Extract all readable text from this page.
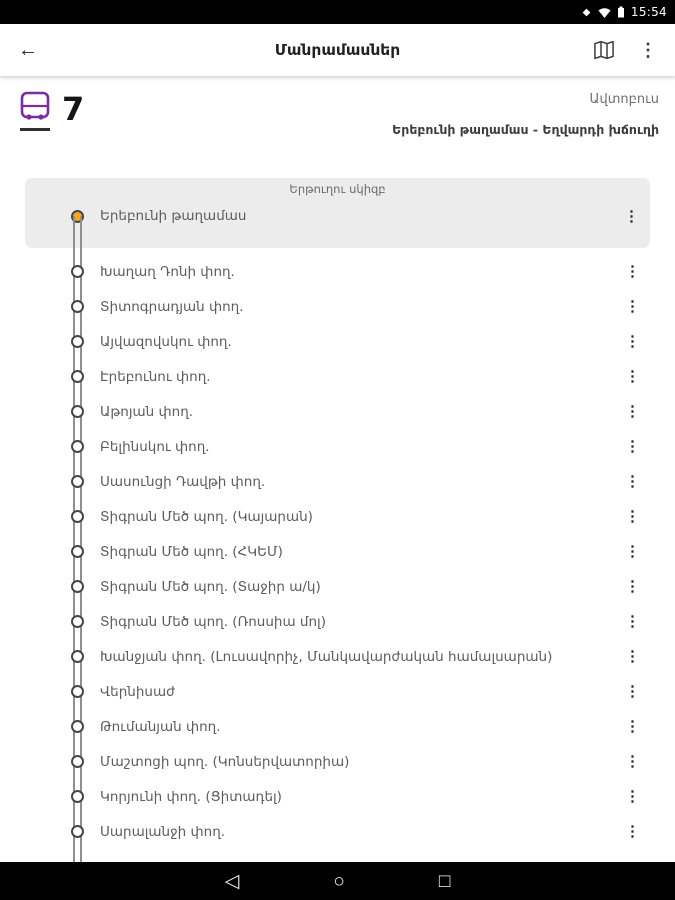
15:54
←	Մանրամասներ	⋮
7	Ավտոբուս
Երեբունի թաղամաս - Եղվարդի խճուղի
Երթուղու սկիզբ
Երեբունի թաղամաս	⋮
Խաղաղ Դոնի փող.	⋮
Տիտոգրադյան փող.	⋮
Այվազովսկու փող.	⋮
Էրեբունու փող.	⋮
Աթոյան փող.	⋮
Բելինսկու փող.	⋮
Սասունցի Դավթի փող.	⋮
Տիգրան Մեծ պող. (Կայարան)	⋮
Տիգրան Մեծ պող. (ՀԿԵՄ)	⋮
Տիգրան Մեծ պող. (Տաջիր ա/կ)	⋮
Տիգրան Մեծ պող. (Ռոսսիա մոլ)	⋮
Խանջյան փող. (Լուսավորիչ, Մանկավարժական համալսարան)	⋮
Վերնիսաժ	⋮
Թումանյան փող.	⋮
Մաշտոցի պող. (Կոնսերվատորիա)	⋮
Կորյունի փող. (Ցիտադել)	⋮
Սարալանջի փող.	⋮
◁	○	□
